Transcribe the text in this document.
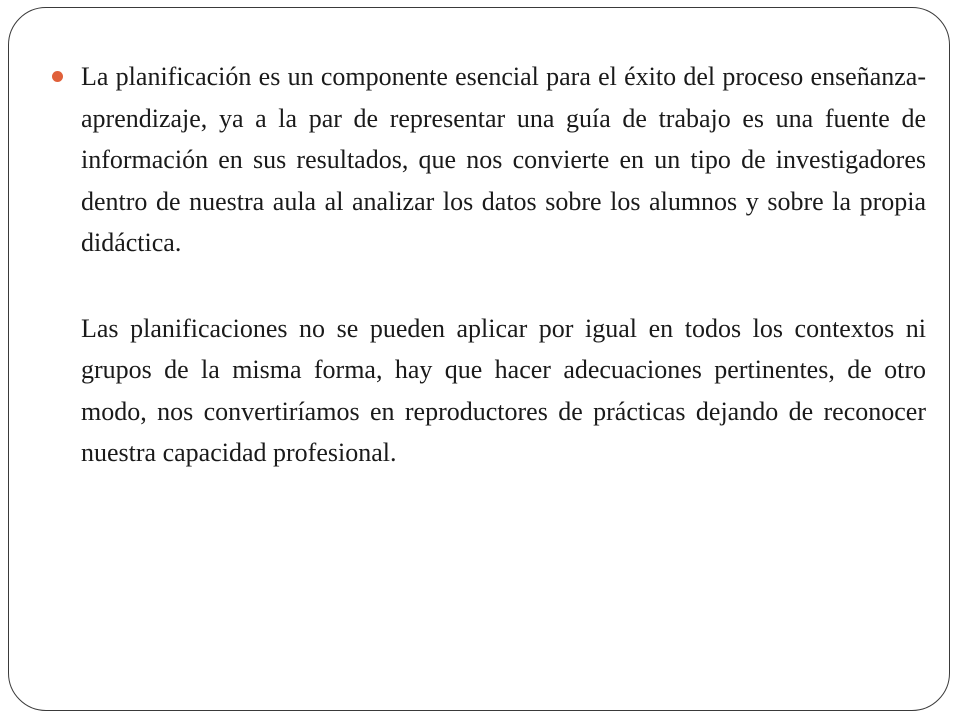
La planificación es un componente esencial para el éxito del proceso enseñanza-aprendizaje, ya a la par de representar una guía de trabajo es una fuente de información en sus resultados, que nos convierte en un tipo de investigadores dentro de nuestra aula al analizar los datos sobre los alumnos y sobre la propia didáctica.
Las planificaciones no se pueden aplicar por igual en todos los contextos ni grupos de la misma forma, hay que hacer adecuaciones pertinentes, de otro modo, nos convertiríamos en reproductores de prácticas dejando de reconocer nuestra capacidad profesional.
